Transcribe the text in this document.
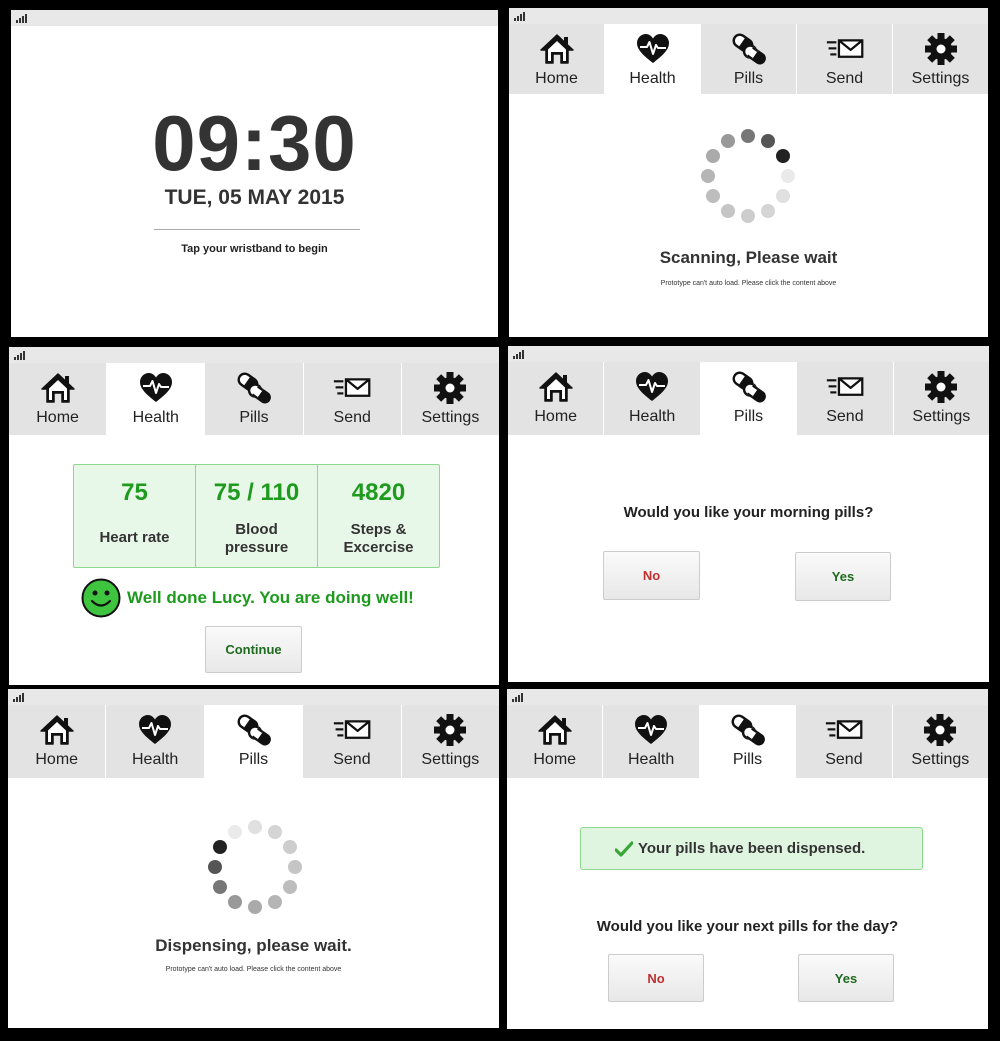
09:30
TUE, 05 MAY 2015
Tap your wristband to begin
Home	Health	Pills	Send	Settings
Scanning, Please wait
Prototype can't auto load. Please click the content above
Home	Health	Pills	Send	Settings
75
Heart rate
75 / 110
Blood pressure
4820
Steps & Excercise
Well done Lucy. You are doing well!
Continue
Home	Health	Pills	Send	Settings
Would you like your morning pills?
No	Yes
Home	Health	Pills	Send	Settings
Dispensing, please wait.
Prototype can't auto load. Please click the content above
Home	Health	Pills	Send	Settings
Your pills have been dispensed.
Would you like your next pills for the day?
No	Yes
